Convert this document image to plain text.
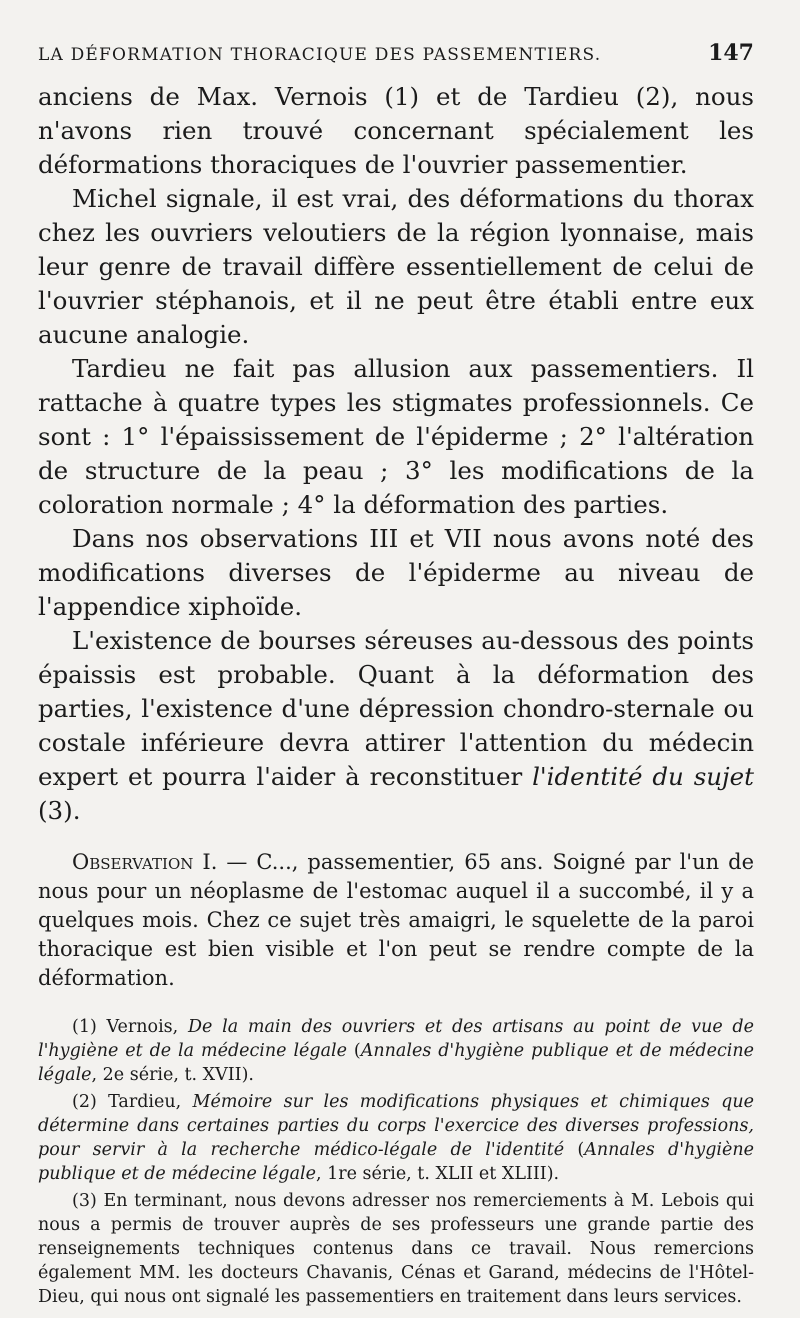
LA DÉFORMATION THORACIQUE DES PASSEMENTIERS.	147

anciens de Max. Vernois (1) et de Tardieu (2), nous n'avons rien trouvé concernant spécialement les déformations thoraciques de l'ouvrier passementier.

Michel signale, il est vrai, des déformations du thorax chez les ouvriers veloutiers de la région lyonnaise, mais leur genre de travail diffère essentiellement de celui de l'ouvrier stéphanois, et il ne peut être établi entre eux aucune analogie.

Tardieu ne fait pas allusion aux passementiers. Il rattache à quatre types les stigmates professionnels. Ce sont : 1° l'épaississement de l'épiderme ; 2° l'altération de structure de la peau ; 3° les modifications de la coloration normale ; 4° la déformation des parties.

Dans nos observations III et VII nous avons noté des modifications diverses de l'épiderme au niveau de l'appendice xiphoïde.

L'existence de bourses séreuses au-dessous des points épaissis est probable. Quant à la déformation des parties, l'existence d'une dépression chondro-sternale ou costale inférieure devra attirer l'attention du médecin expert et pourra l'aider à reconstituer l'identité du sujet (3).

Observation I. — C..., passementier, 65 ans. Soigné par l'un de nous pour un néoplasme de l'estomac auquel il a succombé, il y a quelques mois. Chez ce sujet très amaigri, le squelette de la paroi thoracique est bien visible et l'on peut se rendre compte de la déformation.

(1) Vernois, De la main des ouvriers et des artisans au point de vue de l'hygiène et de la médecine légale (Annales d'hygiène publique et de médecine légale, 2e série, t. XVII).

(2) Tardieu, Mémoire sur les modifications physiques et chimiques que détermine dans certaines parties du corps l'exercice des diverses professions, pour servir à la recherche médico-légale de l'identité (Annales d'hygiène publique et de médecine légale, 1re série, t. XLII et XLIII).

(3) En terminant, nous devons adresser nos remerciements à M. Lebois qui nous a permis de trouver auprès de ses professeurs une grande partie des renseignements techniques contenus dans ce travail. Nous remercions également MM. les docteurs Chavanis, Cénas et Garand, médecins de l'Hôtel-Dieu, qui nous ont signalé les passementiers en traitement dans leurs services.
